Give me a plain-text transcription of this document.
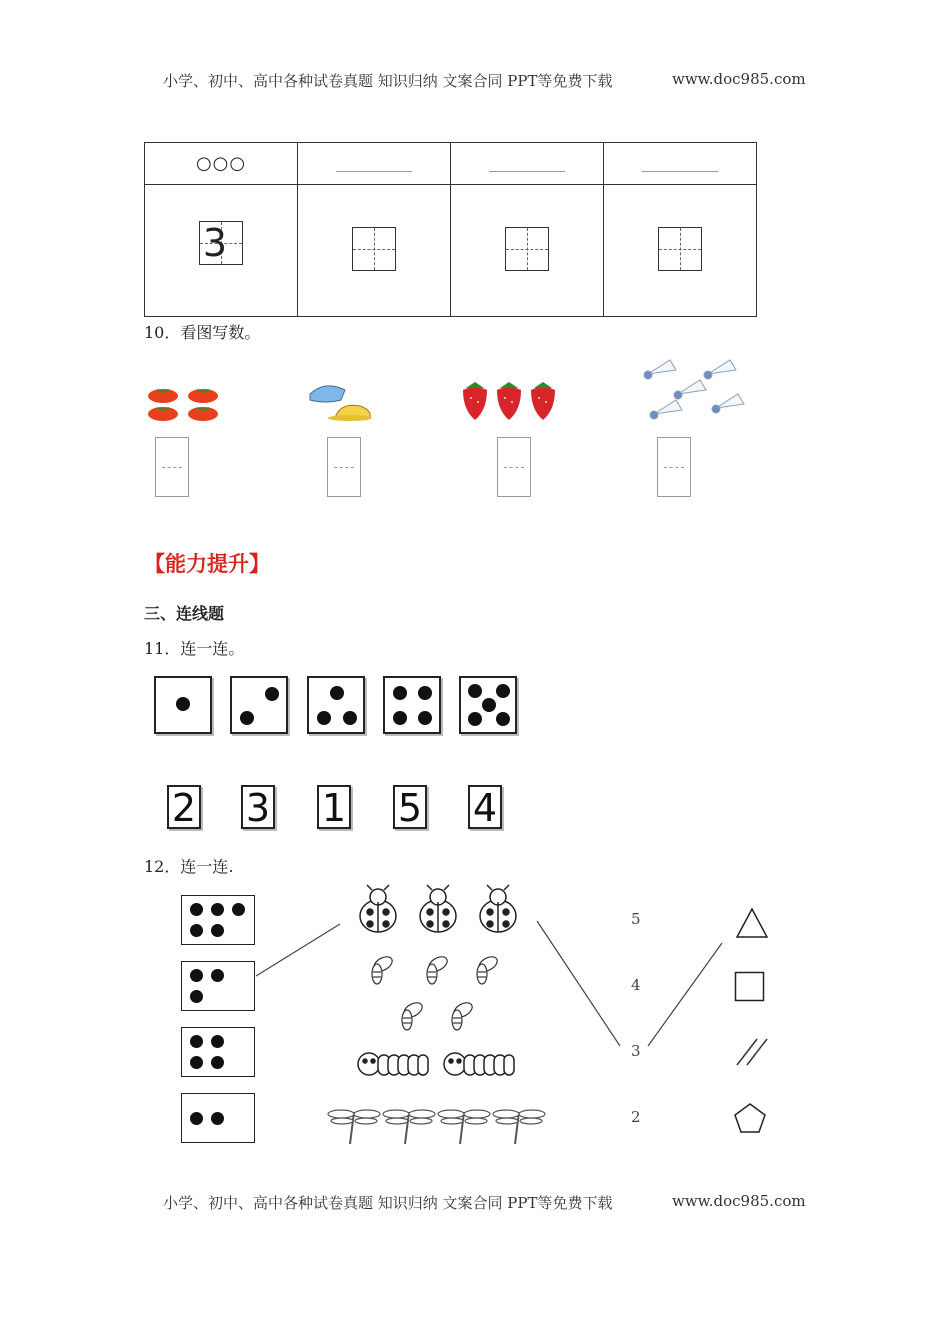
小学、初中、高中各种试卷真题 知识归纳 文案合同 PPT等免费下载	www.doc985.com
○○○			

3			

10．看图写数。
【能力提升】
三、连线题
11．连一连。
2 3 1 5 4
12．连一连.
5
4
3
2
小学、初中、高中各种试卷真题 知识归纳 文案合同 PPT等免费下载	www.doc985.com
